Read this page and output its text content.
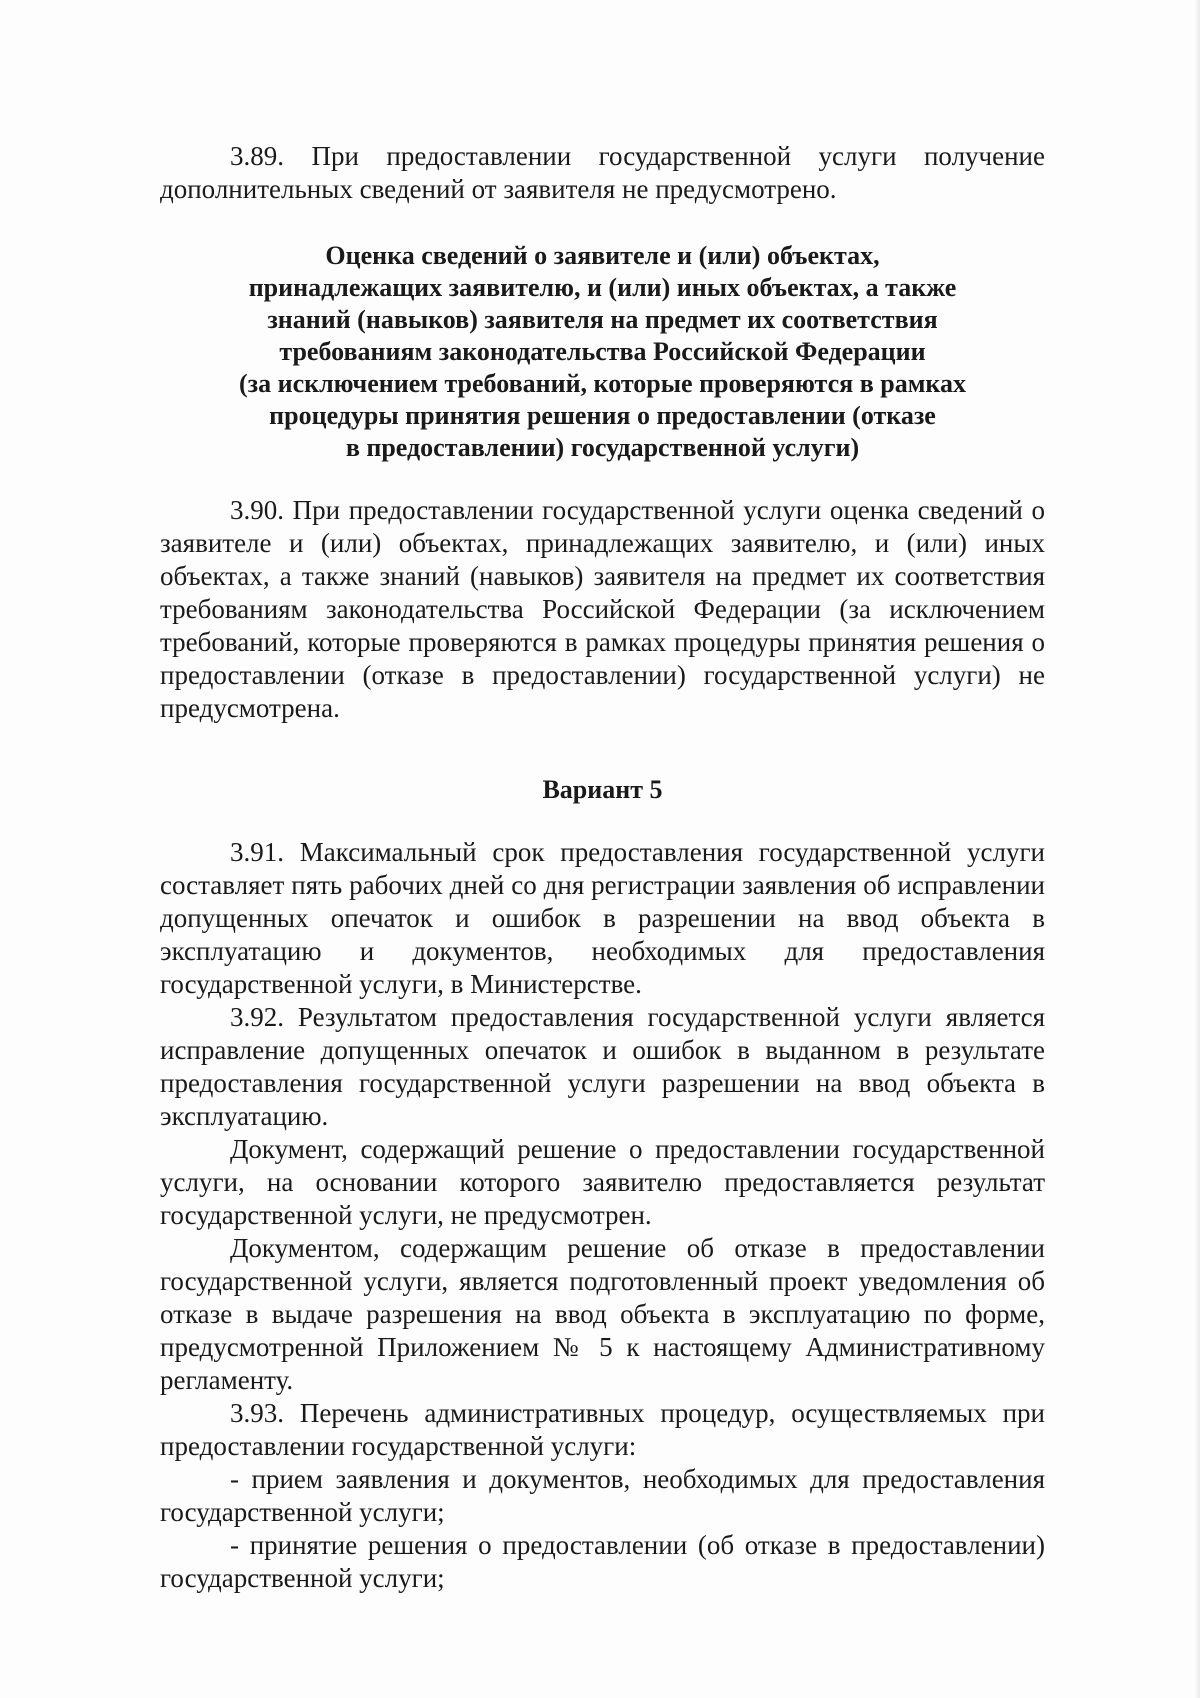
3.89. При предоставлении государственной услуги получение дополнительных сведений от заявителя не предусмотрено.

Оценка сведений о заявителе и (или) объектах,
принадлежащих заявителю, и (или) иных объектах, а также
знаний (навыков) заявителя на предмет их соответствия
требованиям законодательства Российской Федерации
(за исключением требований, которые проверяются в рамках
процедуры принятия решения о предоставлении (отказе
в предоставлении) государственной услуги)

3.90. При предоставлении государственной услуги оценка сведений о заявителе и (или) объектах, принадлежащих заявителю, и (или) иных объектах, а также знаний (навыков) заявителя на предмет их соответствия требованиям законодательства Российской Федерации (за исключением требований, которые проверяются в рамках процедуры принятия решения о предоставлении (отказе в предоставлении) государственной услуги) не предусмотрена.

Вариант 5

3.91. Максимальный срок предоставления государственной услуги составляет пять рабочих дней со дня регистрации заявления об исправлении допущенных опечаток и ошибок в разрешении на ввод объекта в эксплуатацию и документов, необходимых для предоставления государственной услуги, в Министерстве.

3.92. Результатом предоставления государственной услуги является исправление допущенных опечаток и ошибок в выданном в результате предоставления государственной услуги разрешении на ввод объекта в эксплуатацию.

Документ, содержащий решение о предоставлении государственной услуги, на основании которого заявителю предоставляется результат государственной услуги, не предусмотрен.

Документом, содержащим решение об отказе в предоставлении государственной услуги, является подготовленный проект уведомления об отказе в выдаче разрешения на ввод объекта в эксплуатацию по форме, предусмотренной Приложением № 5 к настоящему Административному регламенту.

3.93. Перечень административных процедур, осуществляемых при предоставлении государственной услуги:

- прием заявления и документов, необходимых для предоставления государственной услуги;

- принятие решения о предоставлении (об отказе в предоставлении) государственной услуги;
